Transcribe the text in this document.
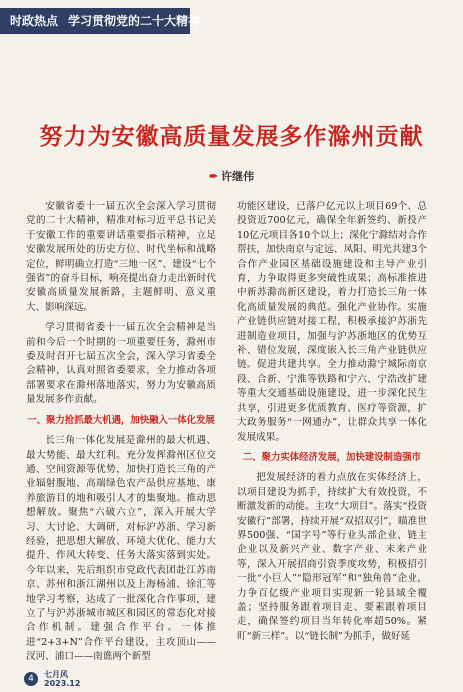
时政热点 学习贯彻党的二十大精神
努力为安徽高质量发展多作滁州贡献
✒ 许继伟

安徽省委十一届五次全会深入学习贯彻党的二十大精神，精准对标习近平总书记关于安徽工作的重要讲话重要指示精神，立足安徽发展所处的历史方位、时代坐标和战略定位，鲜明确立打造“三地一区”、建设“七个强省”的奋斗目标，响亮提出奋力走出新时代安徽高质量发展新路，主题鲜明、意义重大、影响深远。

学习贯彻省委十一届五次全会精神是当前和今后一个时期的一项重要任务，滁州市委及时召开七届五次全会，深入学习省委全会精神，认真对照省委要求，全力推动各项部署要求在滁州落地落实，努力为安徽高质量发展多作贡献。

一、聚力抢抓最大机遇，加快融入一体化发展

长三角一体化发展是滁州的最大机遇、最大势能、最大红利。充分发挥滁州区位交通、空间资源等优势，加快打造长三角的产业辐射腹地、高端绿色农产品供应基地、康养旅游目的地和吸引人才的集聚地。推动思想解放。聚焦“六破六立”，深入开展大学习、大讨论、大调研，对标沪苏浙、学习新经验，把思想大解放、环境大优化、能力大提升、作风大转变、任务大落实落到实处。今年以来，先后组织市党政代表团赴江苏南京、苏州和浙江湖州以及上海杨浦、徐汇等地学习考察，达成了一批深化合作事项，建立了与沪苏浙城市城区和园区的常态化对接合作机制。建强合作平台。一体推进“2+3+N”合作平台建设，主攻顶山——汊河、浦口——南谯两个新型

功能区建设，已落户亿元以上项目69个、总投资近700亿元，确保全年新签约、新投产10亿元项目各10个以上；深化宁滁结对合作帮扶，加快南京与定远、凤阳、明光共建3个合作产业园区基础设施建设和主导产业引育，力争取得更多突破性成果；高标准推进中新苏滁高新区建设，着力打造长三角一体化高质量发展的典范。强化产业协作。实施产业链供应链对接工程，积极承接沪苏浙先进制造业项目，加强与沪苏浙地区的优势互补、错位发展，深度嵌入长三角产业链供应链。促进共建共享。全力推动滁宁城际南京段、合新、宁淮等铁路和宁六、宁浩改扩建等重大交通基础设施建设，进一步深化民生共享，引进更多优质教育、医疗等资源，扩大政务服务“一网通办”，让群众共享一体化发展成果。

二、聚力实体经济发展，加快建设制造强市

把发展经济的着力点放在实体经济上，以项目建设为抓手，持续扩大有效投资，不断激发新的动能。主攻“大项目”。落实“投资安徽行”部署，持续开展“双招双引”，瞄准世界500强、“国字号”等行业头部企业、链主企业以及新兴产业、数字产业、未来产业等，深入开展招商引资季度攻势，积极招引一批“小巨人”“隐形冠军”和“独角兽”企业，力争百亿级产业项目实现新一轮县域全覆盖；坚持服务跟着项目走、要素跟着项目走，确保签约项目当年转化率超50%。紧盯“新三样”。以“链长制”为抓手，做好延

4	七月风
2023.12
